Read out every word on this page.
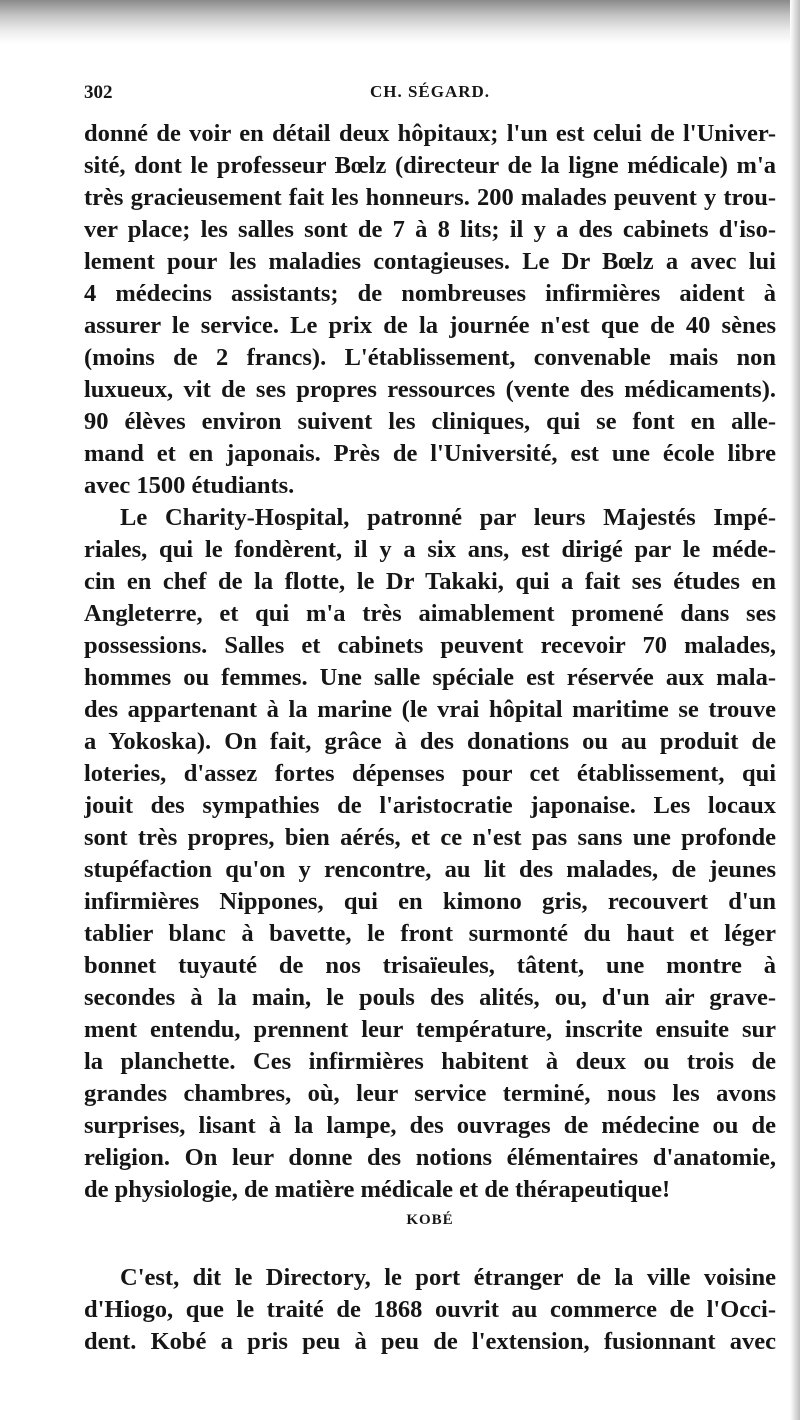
302	CH. SÉGARD.
donné de voir en détail deux hôpitaux; l'un est celui de l'Univer-
sité, dont le professeur Bœlz (directeur de la ligne médicale) m'a
très gracieusement fait les honneurs. 200 malades peuvent y trou-
ver place; les salles sont de 7 à 8 lits; il y a des cabinets d'iso-
lement pour les maladies contagieuses. Le Dr Bœlz a avec lui
4 médecins assistants; de nombreuses infirmières aident à
assurer le service. Le prix de la journée n'est que de 40 sènes
(moins de 2 francs). L'établissement, convenable mais non
luxueux, vit de ses propres ressources (vente des médicaments).
90 élèves environ suivent les cliniques, qui se font en alle-
mand et en japonais. Près de l'Université, est une école libre
avec 1500 étudiants.
Le Charity-Hospital, patronné par leurs Majestés Impé-
riales, qui le fondèrent, il y a six ans, est dirigé par le méde-
cin en chef de la flotte, le Dr Takaki, qui a fait ses études en
Angleterre, et qui m'a très aimablement promené dans ses
possessions. Salles et cabinets peuvent recevoir 70 malades,
hommes ou femmes. Une salle spéciale est réservée aux mala-
des appartenant à la marine (le vrai hôpital maritime se trouve
a Yokoska). On fait, grâce à des donations ou au produit de
loteries, d'assez fortes dépenses pour cet établissement, qui
jouit des sympathies de l'aristocratie japonaise. Les locaux
sont très propres, bien aérés, et ce n'est pas sans une profonde
stupéfaction qu'on y rencontre, au lit des malades, de jeunes
infirmières Nippones, qui en kimono gris, recouvert d'un
tablier blanc à bavette, le front surmonté du haut et léger
bonnet tuyauté de nos trisaïeules, tâtent, une montre à
secondes à la main, le pouls des alités, ou, d'un air grave-
ment entendu, prennent leur température, inscrite ensuite sur
la planchette. Ces infirmières habitent à deux ou trois de
grandes chambres, où, leur service terminé, nous les avons
surprises, lisant à la lampe, des ouvrages de médecine ou de
religion. On leur donne des notions élémentaires d'anatomie,
de physiologie, de matière médicale et de thérapeutique!
KOBÉ
C'est, dit le Directory, le port étranger de la ville voisine
d'Hiogo, que le traité de 1868 ouvrit au commerce de l'Occi-
dent. Kobé a pris peu à peu de l'extension, fusionnant avec
